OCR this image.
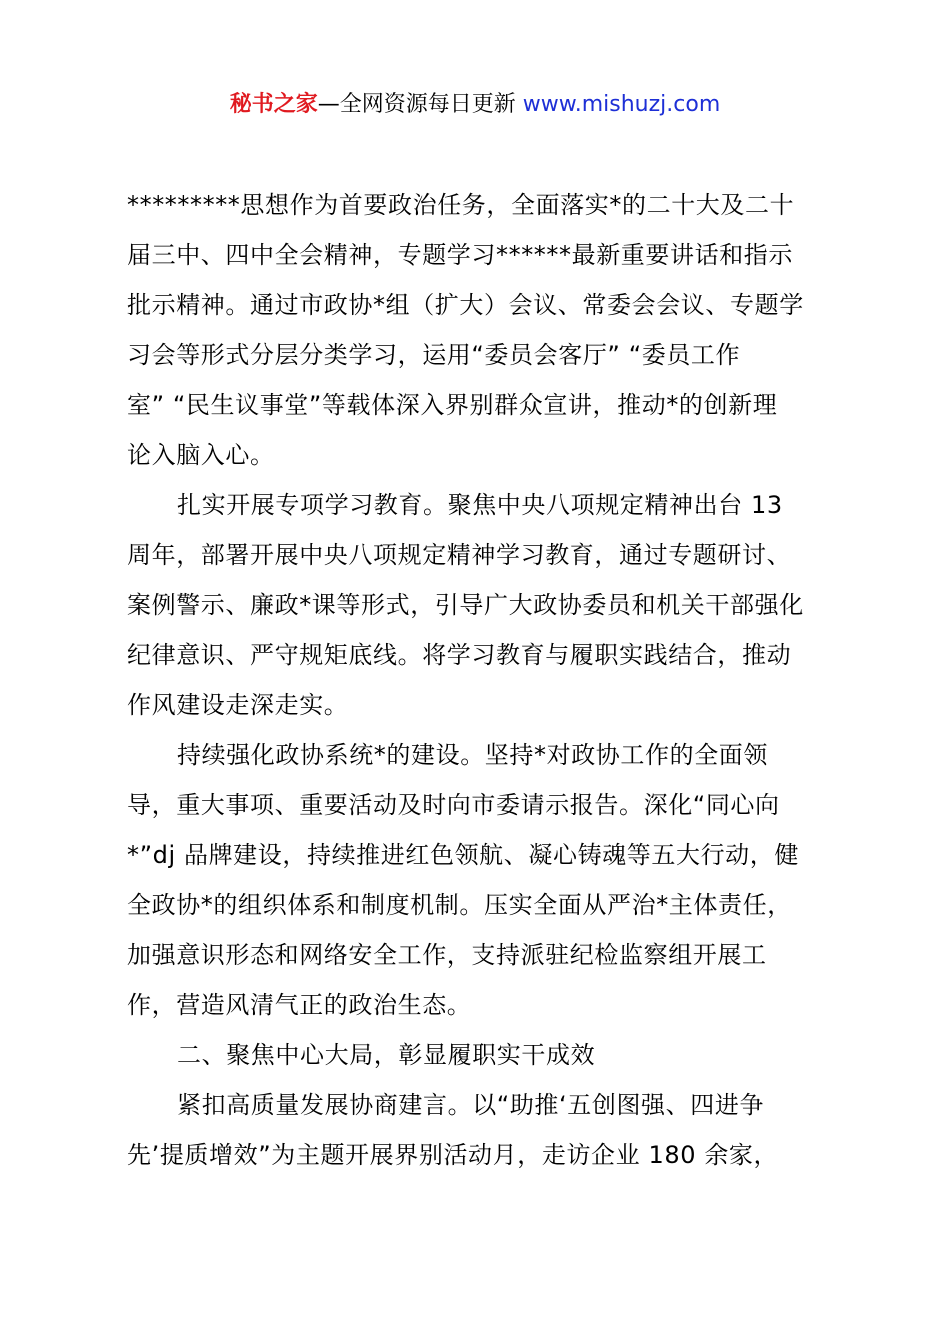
秘书之家—全网资源每日更新 www.mishuzj.com
*********思想作为首要政治任务，全面落实*的二十大及二十
届三中、四中全会精神，专题学习******最新重要讲话和指示
批示精神。通过市政协*组（扩大）会议、常委会会议、专题学
习会等形式分层分类学习，运用“委员会客厅” “委员工作
室” “民生议事堂”等载体深入界别群众宣讲，推动*的创新理
论入脑入心。
扎实开展专项学习教育。聚焦中央八项规定精神出台 13
周年，部署开展中央八项规定精神学习教育，通过专题研讨、
案例警示、廉政*课等形式，引导广大政协委员和机关干部强化
纪律意识、严守规矩底线。将学习教育与履职实践结合，推动
作风建设走深走实。
持续强化政协系统*的建设。坚持*对政协工作的全面领
导，重大事项、重要活动及时向市委请示报告。深化“同心向
*”dj 品牌建设，持续推进红色领航、凝心铸魂等五大行动，健
全政协*的组织体系和制度机制。压实全面从严治*主体责任，
加强意识形态和网络安全工作，支持派驻纪检监察组开展工
作，营造风清气正的政治生态。
二、聚焦中心大局，彰显履职实干成效
紧扣高质量发展协商建言。以“助推‘五创图强、四进争
先’提质增效”为主题开展界别活动月，走访企业 180 余家，
